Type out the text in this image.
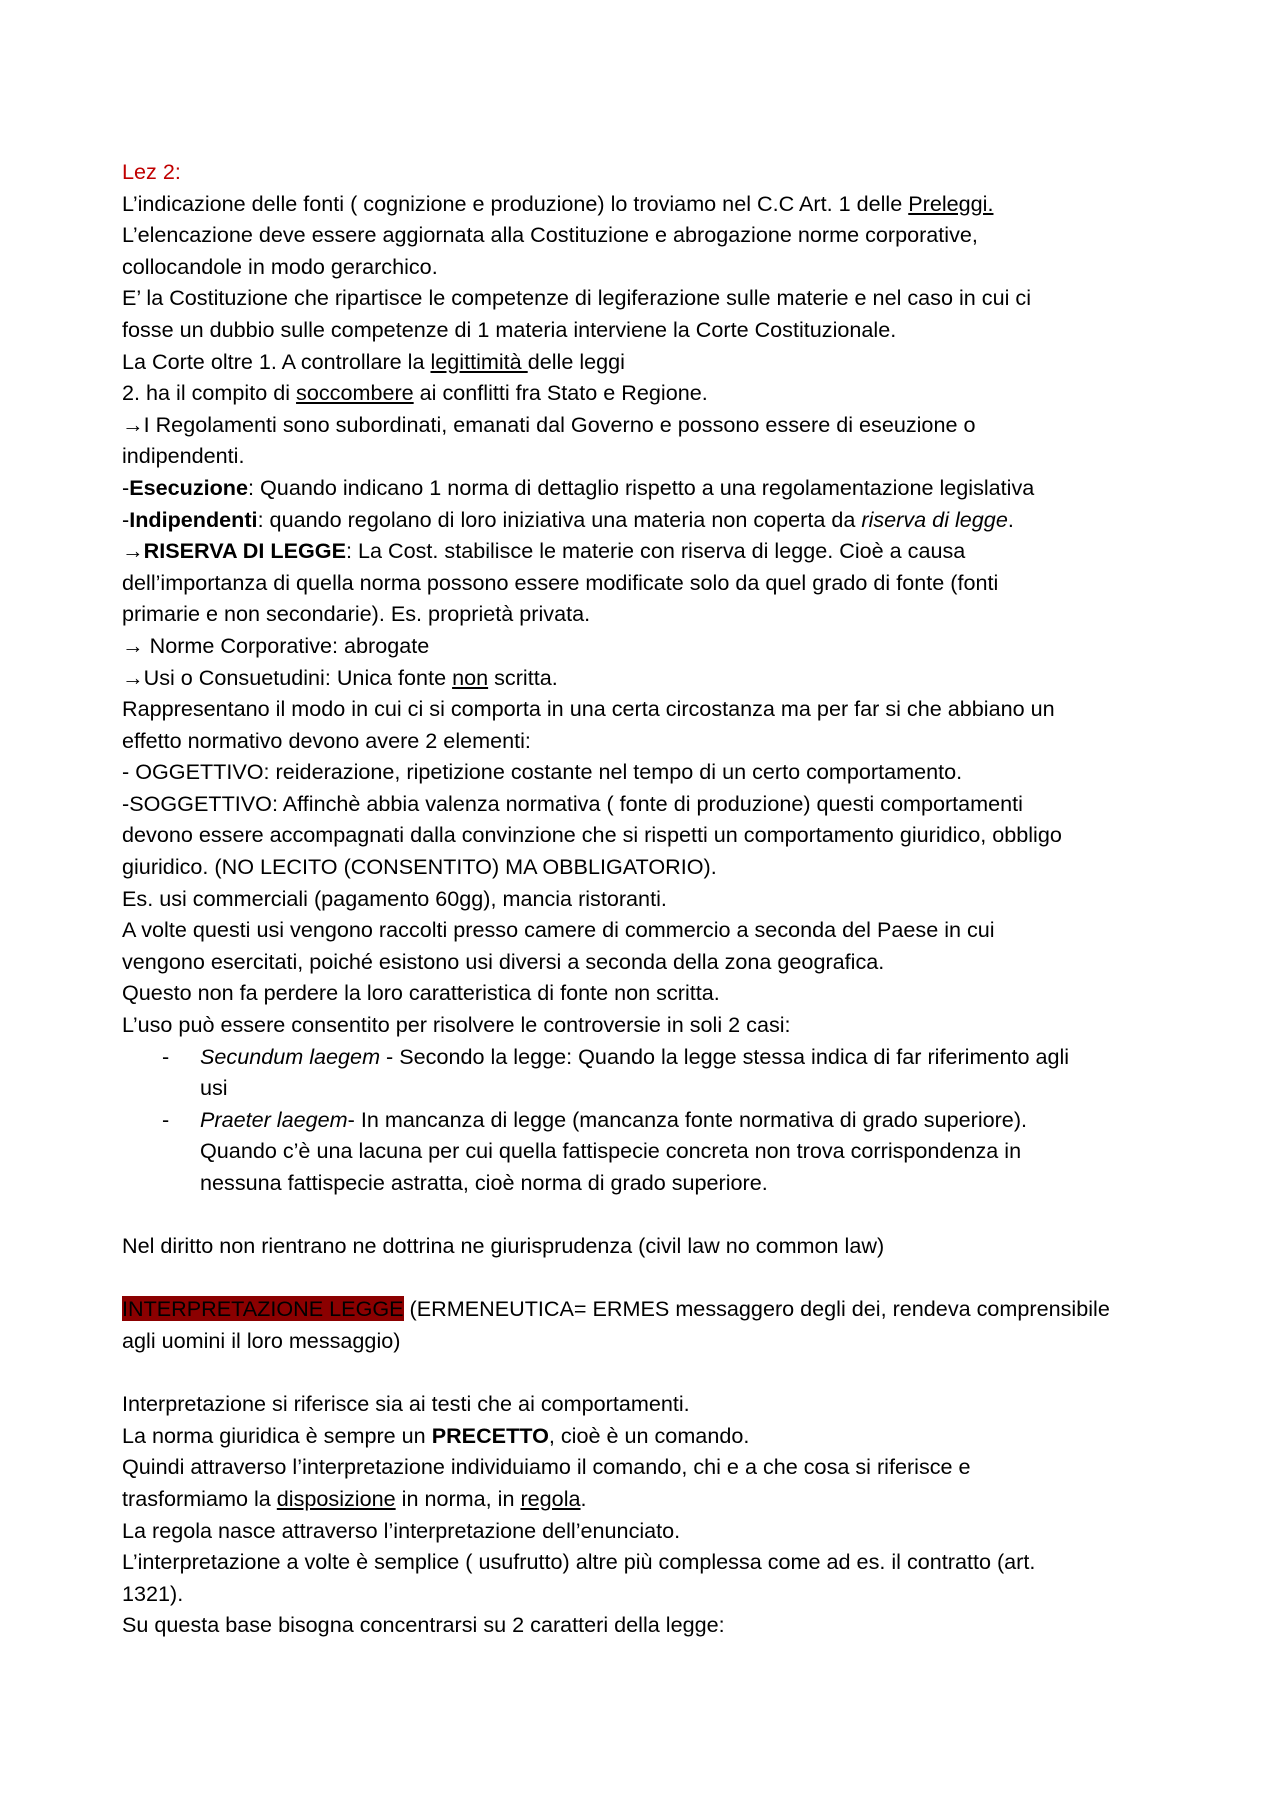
Lez 2:

L’indicazione delle fonti ( cognizione e produzione) lo troviamo nel C.C Art. 1 delle Preleggi.

L’elencazione deve essere aggiornata alla Costituzione e abrogazione norme corporative,

collocandole in modo gerarchico.

E’ la Costituzione che ripartisce le competenze di legiferazione sulle materie e nel caso in cui ci

fosse un dubbio sulle competenze di 1 materia interviene la Corte Costituzionale.

La Corte oltre 1. A controllare la legittimità delle leggi

2. ha il compito di soccombere ai conflitti fra Stato e Regione.

→I Regolamenti sono subordinati, emanati dal Governo e possono essere di eseuzione o

indipendenti.

-Esecuzione: Quando indicano 1 norma di dettaglio rispetto a una regolamentazione legislativa

-Indipendenti: quando regolano di loro iniziativa una materia non coperta da riserva di legge.

→RISERVA DI LEGGE: La Cost. stabilisce le materie con riserva di legge. Cioè a causa

dell’importanza di quella norma possono essere modificate solo da quel grado di fonte (fonti

primarie e non secondarie). Es. proprietà privata.

→ Norme Corporative: abrogate

→Usi o Consuetudini: Unica fonte non scritta.

Rappresentano il modo in cui ci si comporta in una certa circostanza ma per far si che abbiano un

effetto normativo devono avere 2 elementi:

- OGGETTIVO: reiderazione, ripetizione costante nel tempo di un certo comportamento.

-SOGGETTIVO: Affinchè abbia valenza normativa ( fonte di produzione) questi comportamenti

devono essere accompagnati dalla convinzione che si rispetti un comportamento giuridico, obbligo

giuridico. (NO LECITO (CONSENTITO) MA OBBLIGATORIO).

Es. usi commerciali (pagamento 60gg), mancia ristoranti.

A volte questi usi vengono raccolti presso camere di commercio a seconda del Paese in cui

vengono esercitati, poiché esistono usi diversi a seconda della zona geografica.

Questo non fa perdere la loro caratteristica di fonte non scritta.

L’uso può essere consentito per risolvere le controversie in soli 2 casi:

- Secundum laegem - Secondo la legge: Quando la legge stessa indica di far riferimento agli

usi

- Praeter laegem- In mancanza di legge (mancanza fonte normativa di grado superiore).

Quando c’è una lacuna per cui quella fattispecie concreta non trova corrispondenza in

nessuna fattispecie astratta, cioè norma di grado superiore.

Nel diritto non rientrano ne dottrina ne giurisprudenza (civil law no common law)

INTERPRETAZIONE LEGGE (ERMENEUTICA= ERMES messaggero degli dei, rendeva comprensibile

agli uomini il loro messaggio)

Interpretazione si riferisce sia ai testi che ai comportamenti.

La norma giuridica è sempre un PRECETTO, cioè è un comando.

Quindi attraverso l’interpretazione individuiamo il comando, chi e a che cosa si riferisce e

trasformiamo la disposizione in norma, in regola.

La regola nasce attraverso l’interpretazione dell’enunciato.

L’interpretazione a volte è semplice ( usufrutto) altre più complessa come ad es. il contratto (art.

1321).

Su questa base bisogna concentrarsi su 2 caratteri della legge:
